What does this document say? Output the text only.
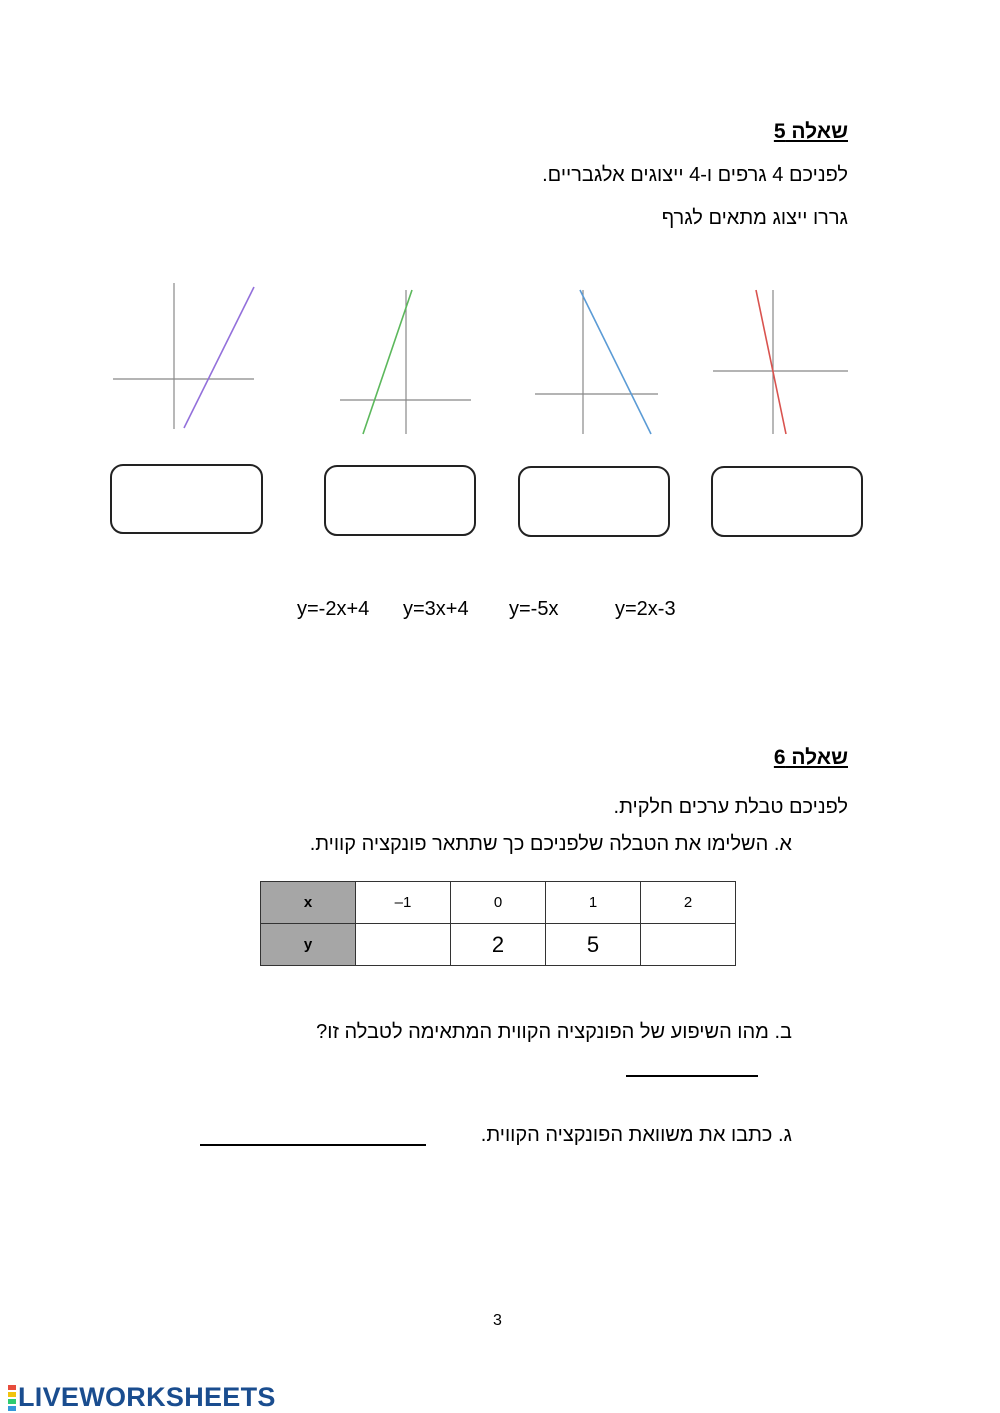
שאלה 5
לפניכם 4 גרפים ו-4 ייצוגים אלגבריים.
גררו ייצוג מתאים לגרף
y=-2x+4 y=3x+4 y=-5x	y=2x-3
שאלה 6
לפניכם טבלת ערכים חלקית.
א. השלימו את הטבלה שלפניכם כך שתתאר פונקציה קווית.
x	–1	0	1	2
y		2	5	
ב. מהו השיפוע של הפונקציה הקווית המתאימה לטבלה זו?
ג. כתבו את משוואת הפונקציה הקווית.
3
LIVEWORKSHEETS
